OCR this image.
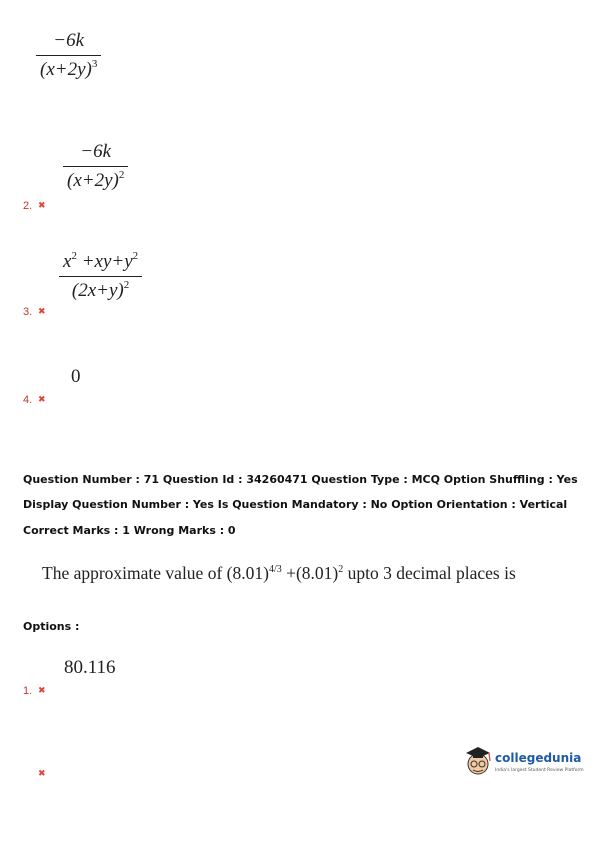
$\frac{-6k}{(x+2y)^3}$
$\frac{-6k}{(x+2y)^2}$
2. ✖
$\frac{x^2 +xy+y^2}{(2x+y)^2}$
3. ✖
0
4. ✖
Question Number : 71 Question Id : 34260471 Question Type : MCQ Option Shuffling : Yes
Display Question Number : Yes Is Question Mandatory : No Option Orientation : Vertical
Correct Marks : 1 Wrong Marks : 0
The approximate value of $(8.01)^{4/3} +(8.01)^2$ upto 3 decimal places is
Options :
80.116
1. ✖
✖
collegedunia
India's largest Student Review Platform
